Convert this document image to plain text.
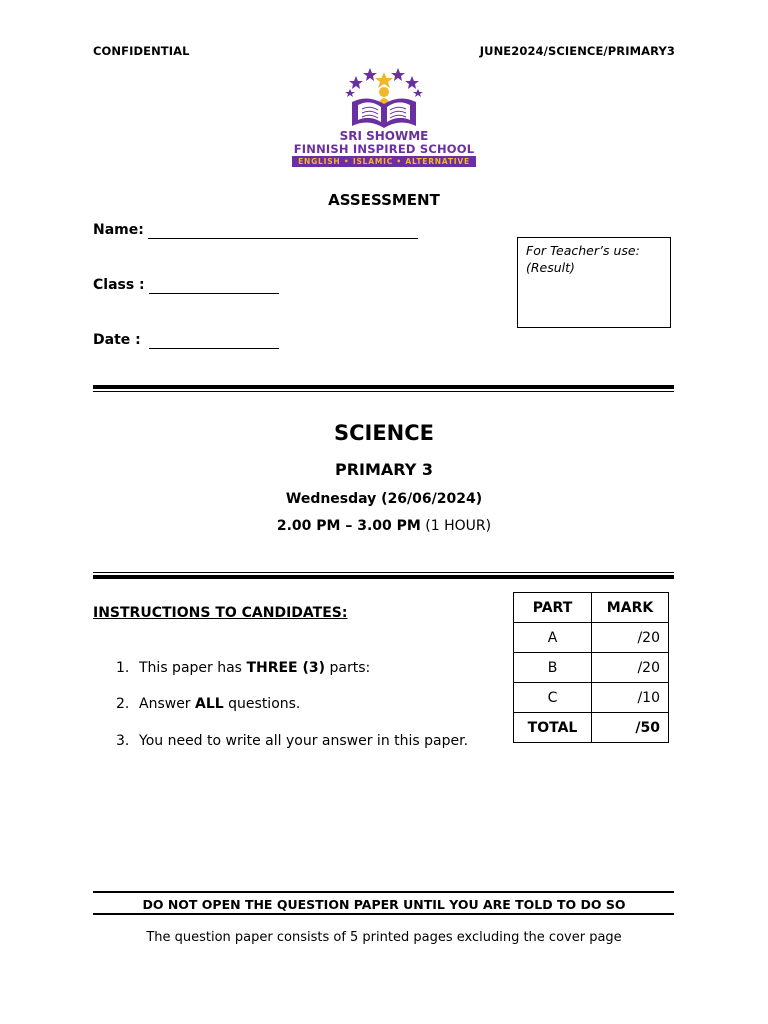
CONFIDENTIAL	JUNE2024/SCIENCE/PRIMARY3
SRI SHOWME
FINNISH INSPIRED SCHOOL
ENGLISH • ISLAMIC • ALTERNATIVE
ASSESSMENT
Name:
Class :
Date :
For Teacher’s use:
(Result)
SCIENCE
PRIMARY 3
Wednesday (26/06/2024)
2.00 PM – 3.00 PM (1 HOUR)
INSTRUCTIONS TO CANDIDATES:
1. This paper has THREE (3) parts:
2. Answer ALL questions.
3. You need to write all your answer in this paper.
PART	MARK
A	/20
B	/20
C	/10
TOTAL	/50
DO NOT OPEN THE QUESTION PAPER UNTIL YOU ARE TOLD TO DO SO
The question paper consists of 5 printed pages excluding the cover page
